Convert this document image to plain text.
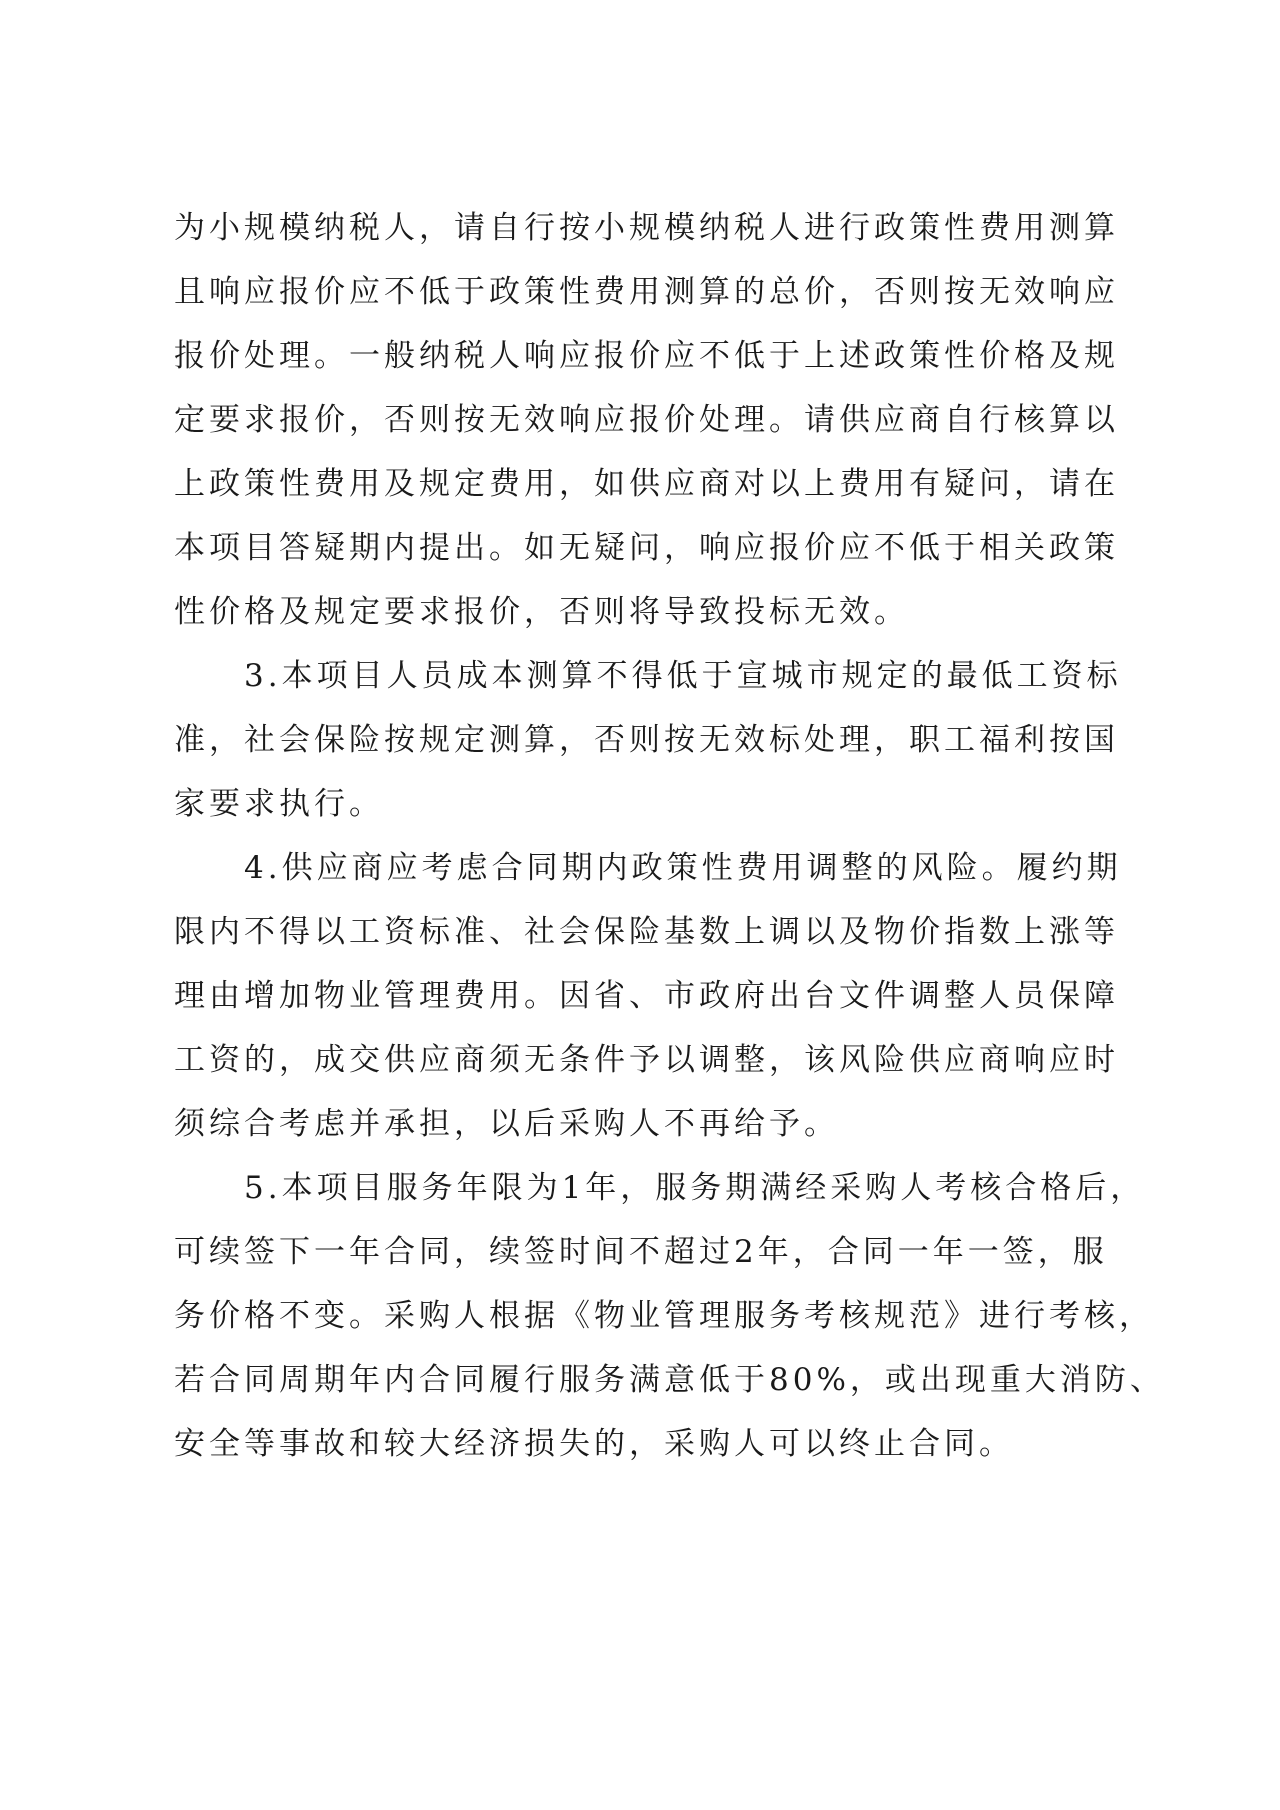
为小规模纳税人，请自行按小规模纳税人进行政策性费用测算
且响应报价应不低于政策性费用测算的总价，否则按无效响应
报价处理。一般纳税人响应报价应不低于上述政策性价格及规
定要求报价，否则按无效响应报价处理。请供应商自行核算以
上政策性费用及规定费用，如供应商对以上费用有疑问，请在
本项目答疑期内提出。如无疑问，响应报价应不低于相关政策
性价格及规定要求报价，否则将导致投标无效。
3.本项目人员成本测算不得低于宣城市规定的最低工资标
准，社会保险按规定测算，否则按无效标处理，职工福利按国
家要求执行。
4.供应商应考虑合同期内政策性费用调整的风险。履约期
限内不得以工资标准、社会保险基数上调以及物价指数上涨等
理由增加物业管理费用。因省、市政府出台文件调整人员保障
工资的，成交供应商须无条件予以调整，该风险供应商响应时
须综合考虑并承担，以后采购人不再给予。
5.本项目服务年限为1年，服务期满经采购人考核合格后，
可续签下一年合同，续签时间不超过2年，合同一年一签，服
务价格不变。采购人根据《物业管理服务考核规范》进行考核，
若合同周期年内合同履行服务满意低于80%，或出现重大消防、
安全等事故和较大经济损失的，采购人可以终止合同。
